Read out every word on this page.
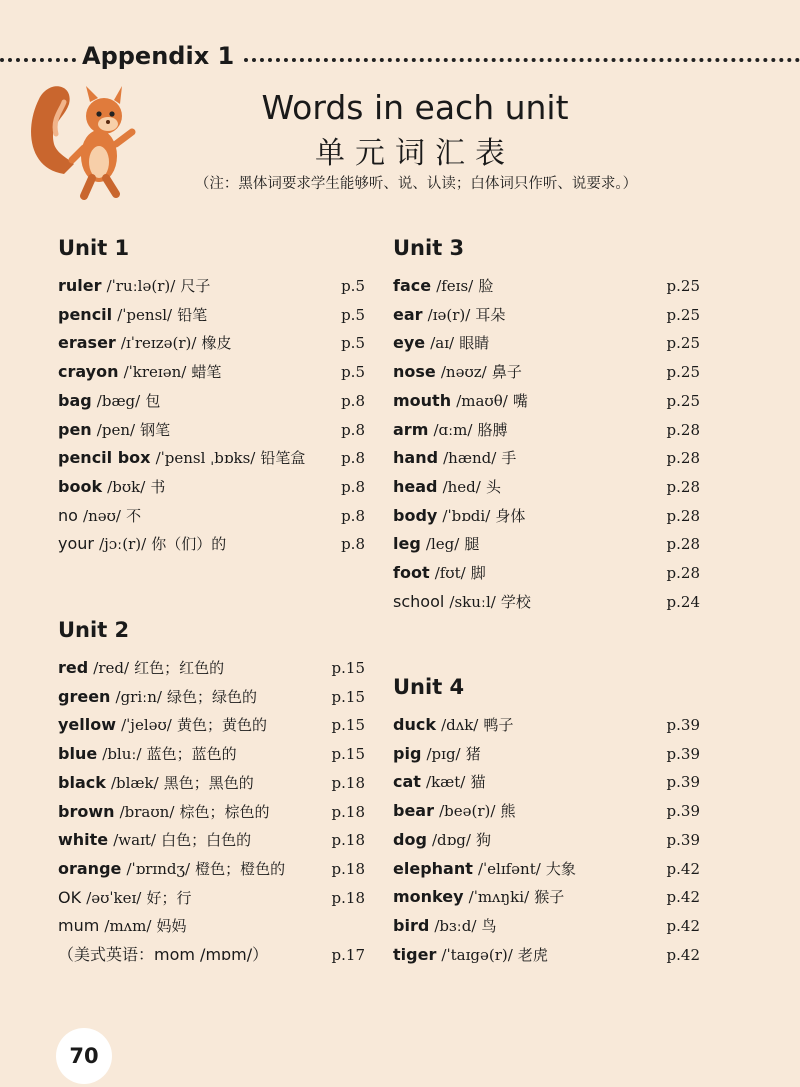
Appendix 1
Words in each unit
单元词汇表
（注：黑体词要求学生能够听、说、认读；白体词只作听、说要求。）
Unit 1
ruler /ˈruːlə(r)/ 尺子	p.5
pencil /ˈpensl/ 铅笔	p.5
eraser /ɪˈreɪzə(r)/ 橡皮	p.5
crayon /ˈkreɪən/ 蜡笔	p.5
bag /bæg/ 包	p.8
pen /pen/ 钢笔	p.8
pencil box /ˈpensl ˌbɒks/ 铅笔盒 p.8
book /bʊk/ 书	p.8
no /nəʊ/ 不	p.8
your /jɔː(r)/ 你（们）的	p.8
Unit 2
red /red/ 红色；红色的	p.15
green /griːn/ 绿色；绿色的	p.15
yellow /ˈjeləʊ/ 黄色；黄色的	p.15
blue /bluː/ 蓝色；蓝色的	p.15
black /blæk/ 黑色；黑色的	p.18
brown /braʊn/ 棕色；棕色的	p.18
white /waɪt/ 白色；白色的	p.18
orange /ˈɒrɪndʒ/ 橙色；橙色的	p.18
OK /əʊˈkeɪ/ 好；行	p.18
mum /mʌm/ 妈妈
（美式英语：mom /mɒm/）	p.17
Unit 3
face /feɪs/ 脸	p.25
ear /ɪə(r)/ 耳朵	p.25
eye /aɪ/ 眼睛	p.25
nose /nəʊz/ 鼻子	p.25
mouth /maʊθ/ 嘴	p.25
arm /ɑːm/ 胳膊	p.28
hand /hænd/ 手	p.28
head /hed/ 头	p.28
body /ˈbɒdi/ 身体	p.28
leg /leg/ 腿	p.28
foot /fʊt/ 脚	p.28
school /skuːl/ 学校	p.24
Unit 4
duck /dʌk/ 鸭子	p.39
pig /pɪg/ 猪	p.39
cat /kæt/ 猫	p.39
bear /beə(r)/ 熊	p.39
dog /dɒg/ 狗	p.39
elephant /ˈelɪfənt/ 大象	p.42
monkey /ˈmʌŋki/ 猴子	p.42
bird /bɜːd/ 鸟	p.42
tiger /ˈtaɪgə(r)/ 老虎	p.42
70
